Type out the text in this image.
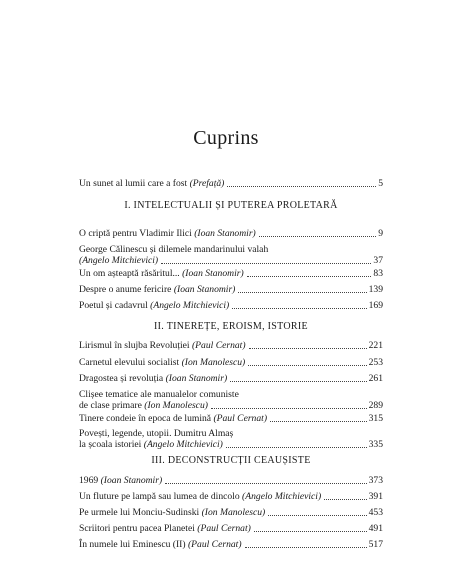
Cuprins
Un sunet al lumii care a fost (Prefață)	5
I. INTELECTUALII ȘI PUTEREA PROLETARĂ
O criptă pentru Vladimir Ilici (Ioan Stanomir)	9
George Călinescu și dilemele mandarinului valah
(Angelo Mitchievici)	37
Un om așteaptă răsăritul... (Ioan Stanomir)	83
Despre o anume fericire (Ioan Stanomir)	139
Poetul și cadavrul (Angelo Mitchievici)	169
II. TINEREȚE, EROISM, ISTORIE
Lirismul în slujba Revoluției (Paul Cernat)	221
Carnetul elevului socialist (Ion Manolescu)	253
Dragostea și revoluția (Ioan Stanomir)	261
Clișee tematice ale manualelor comuniste
de clase primare (Ion Manolescu)	289
Tinere condeie în epoca de lumină (Paul Cernat)	315
Povești, legende, utopii. Dumitru Almaș
la școala istoriei (Angelo Mitchievici)	335
III. DECONSTRUCȚII CEAUȘISTE
1969 (Ioan Stanomir)	373
Un fluture pe lampă sau lumea de dincolo (Angelo Mitchievici)	391
Pe urmele lui Monciu-Sudinski (Ion Manolescu)	453
Scriitori pentru pacea Planetei (Paul Cernat)	491
În numele lui Eminescu (II) (Paul Cernat)	517
